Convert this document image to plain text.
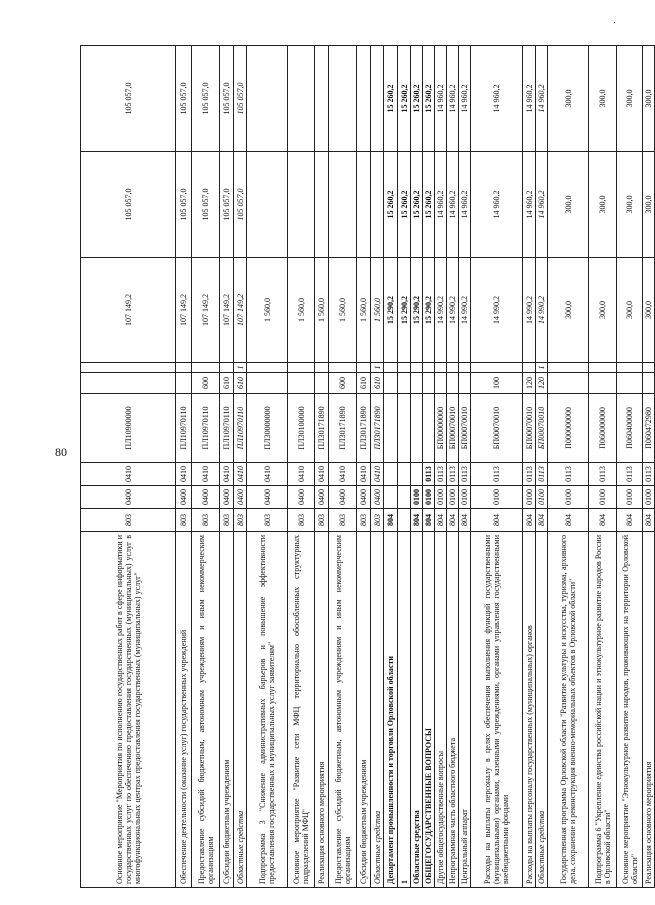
80
Основное мероприятие "Мероприятия по исполнению государственных работ в сфере информатики и государственных услуг по обеспечению предоставления государственных (муниципальных) услуг в многофункциональных центрах предоставления государственных (муниципальных) услуг"	803	0400	0410	ПЛ10900000			107 149,2	105 057,0	105 057,0
Обеспечение деятельности (оказание услуг) государственных учреждений	803	0400	0410	ПЛ10970110			107 149,2	105 057,0	105 057,0
Предоставление субсидий бюджетным, автономным учреждениям и иным некоммерческим организациям	803	0400	0410	ПЛ10970110	600		107 149,2	105 057,0	105 057,0
Субсидии бюджетным учреждениям	803	0400	0410	ПЛ10970110	610		107 149,2	105 057,0	105 057,0
Областные средства	803	0400	0410	ПЛ10970110	610	1	107 149,2	105 057,0	105 057,0
Подпрограмма 3 "Снижение административных барьеров и повышение эффективности предоставления государственных и муниципальных услуг заявителям"	803	0400	0410	ПЛ30000000			1 560,0		
Основное мероприятие "Развитие сети МФЦ территориально обособленных структурных подразделений МФЦ"	803	0400	0410	ПЛ30100000			1 560,0		
Реализация основного мероприятия	803	0400	0410	ПЛ30171890			1 560,0		
Предоставление субсидий бюджетным, автономным учреждениям и иным некоммерческим организациям	803	0400	0410	ПЛ30171890	600		1 560,0		
Субсидии бюджетным учреждениям	803	0400	0410	ПЛ30171890	610		1 560,0		
Областные средства	803	0400	0410	ПЛ30171890	610	1	1 560,0		
Департамент промышленности и торговли Орловской области	804						15 290,2	15 260,2	15 260,2
1							15 290,2	15 260,2	15 260,2
Областные средства	804	0100					15 290,2	15 260,2	15 260,2
ОБЩЕГОСУДАРСТВЕННЫЕ ВОПРОСЫ	804	0100	0113				15 290,2	15 260,2	15 260,2
Другие общегосударственные вопросы	804	0100	0113	БП00000000			14 990,2	14 960,2	14 960,2
Непрограммная часть областного бюджета	804	0100	0113	БП00070010			14 990,2	14 960,2	14 960,2
Центральный аппарат	804	0100	0113	БП00070010			14 990,2	14 960,2	14 960,2
Расходы на выплаты персоналу в целях обеспечения выполнения функций государственными (муниципальными) органами, казенными учреждениями, органами управления государственными внебюджетными фондами	804	0100	0113	БП00070010	100		14 990,2	14 960,2	14 960,2
Расходы на выплаты персоналу государственных (муниципальных) органов	804	0100	0113	БП00070010	120		14 990,2	14 960,2	14 960,2
Областные средства	804	0100	0113	БП00070010	120	1	14 990,2	14 960,2	14 960,2
Государственная программа Орловской области "Развитие культуры и искусства, туризма, архивного дела, сохранение и реконструкция военно-мемориальных объектов в Орловской области"	804	0100	0113	П000000000			300,0	300,0	300,0
Подпрограмма 6 "Укрепление единства российской нации и этнокультурное развитие народов России в Орловской области"	804	0100	0113	П060000000			300,0	300,0	300,0
Основное мероприятие "Этнокультурное развитие народов, проживающих на территории Орловской области"	804	0100	0113	П060400000			300,0	300,0	300,0
Реализация основного мероприятия	804	0100	0113	П060472980			300,0	300,0	300,0
